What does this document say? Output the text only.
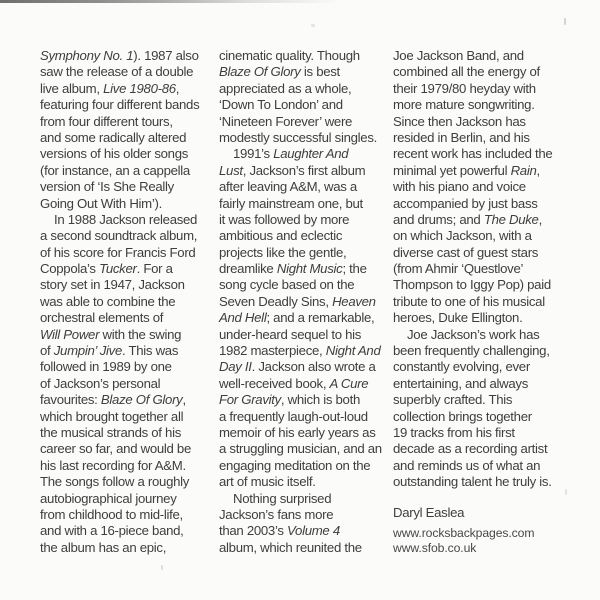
Symphony No. 1). 1987 also
saw the release of a double
live album, Live 1980-86,
featuring four different bands
from four different tours,
and some radically altered
versions of his older songs
(for instance, an a cappella
version of ‘Is She Really
Going Out With Him’).
In 1988 Jackson released
a second soundtrack album,
of his score for Francis Ford
Coppola’s Tucker. For a
story set in 1947, Jackson
was able to combine the
orchestral elements of
Will Power with the swing
of Jumpin’ Jive. This was
followed in 1989 by one
of Jackson’s personal
favourites: Blaze Of Glory,
which brought together all
the musical strands of his
career so far, and would be
his last recording for A&M.
The songs follow a roughly
autobiographical journey
from childhood to mid-life,
and with a 16-piece band,
the album has an epic,
cinematic quality. Though
Blaze Of Glory is best
appreciated as a whole,
‘Down To London’ and
‘Nineteen Forever’ were
modestly successful singles.
1991’s Laughter And
Lust, Jackson’s first album
after leaving A&M, was a
fairly mainstream one, but
it was followed by more
ambitious and eclectic
projects like the gentle,
dreamlike Night Music; the
song cycle based on the
Seven Deadly Sins, Heaven
And Hell; and a remarkable,
under-heard sequel to his
1982 masterpiece, Night And
Day II. Jackson also wrote a
well-received book, A Cure
For Gravity, which is both
a frequently laugh-out-loud
memoir of his early years as
a struggling musician, and an
engaging meditation on the
art of music itself.
Nothing surprised
Jackson’s fans more
than 2003’s Volume 4
album, which reunited the
Joe Jackson Band, and
combined all the energy of
their 1979/80 heyday with
more mature songwriting.
Since then Jackson has
resided in Berlin, and his
recent work has included the
minimal yet powerful Rain,
with his piano and voice
accompanied by just bass
and drums; and The Duke,
on which Jackson, with a
diverse cast of guest stars
(from Ahmir ‘Questlove’
Thompson to Iggy Pop) paid
tribute to one of his musical
heroes, Duke Ellington.
Joe Jackson’s work has
been frequently challenging,
constantly evolving, ever
entertaining, and always
superbly crafted. This
collection brings together
19 tracks from his first
decade as a recording artist
and reminds us of what an
outstanding talent he truly is.
Daryl Easlea
www.rocksbackpages.com
www.sfob.co.uk
